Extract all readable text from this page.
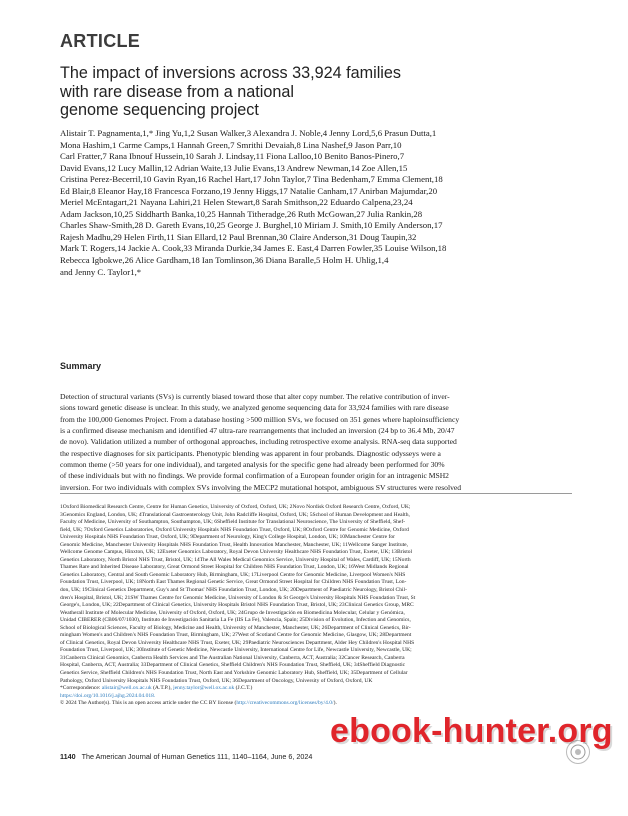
ARTICLE
The impact of inversions across 33,924 families
with rare disease from a national
genome sequencing project
Alistair T. Pagnamenta,1,* Jing Yu,1,2 Susan Walker,3 Alexandra J. Noble,4 Jenny Lord,5,6 Prasun Dutta,1
Mona Hashim,1 Carme Camps,1 Hannah Green,7 Smrithi Devaiah,8 Lina Nashef,9 Jason Parr,10
Carl Fratter,7 Rana Ibnouf Hussein,10 Sarah J. Lindsay,11 Fiona Lalloo,10 Benito Banos-Pinero,7
David Evans,12 Lucy Mallin,12 Adrian Waite,13 Julie Evans,13 Andrew Newman,14 Zoe Allen,15
Cristina Perez-Becerril,10 Gavin Ryan,16 Rachel Hart,17 John Taylor,7 Tina Bedenham,7 Emma Clement,18
Ed Blair,8 Eleanor Hay,18 Francesca Forzano,19 Jenny Higgs,17 Natalie Canham,17 Anirban Majumdar,20
Meriel McEntagart,21 Nayana Lahiri,21 Helen Stewart,8 Sarah Smithson,22 Eduardo Calpena,23,24
Adam Jackson,10,25 Siddharth Banka,10,25 Hannah Titheradge,26 Ruth McGowan,27 Julia Rankin,28
Charles Shaw-Smith,28 D. Gareth Evans,10,25 George J. Burghel,10 Miriam J. Smith,10 Emily Anderson,17
Rajesh Madhu,29 Helen Firth,11 Sian Ellard,12 Paul Brennan,30 Claire Anderson,31 Doug Taupin,32
Mark T. Rogers,14 Jackie A. Cook,33 Miranda Durkie,34 James E. East,4 Darren Fowler,35 Louise Wilson,18
Rebecca Igbokwe,26 Alice Gardham,18 Ian Tomlinson,36 Diana Baralle,5 Holm H. Uhlig,1,4
and Jenny C. Taylor1,*
Summary
Detection of structural variants (SVs) is currently biased toward those that alter copy number. The relative contribution of inver-
sions toward genetic disease is unclear. In this study, we analyzed genome sequencing data for 33,924 families with rare disease
from the 100,000 Genomes Project. From a database hosting >500 million SVs, we focused on 351 genes where haploinsufficiency
is a confirmed disease mechanism and identified 47 ultra-rare rearrangements that included an inversion (24 bp to 36.4 Mb, 20/47
de novo). Validation utilized a number of orthogonal approaches, including retrospective exome analysis. RNA-seq data supported
the respective diagnoses for six participants. Phenotypic blending was apparent in four probands. Diagnostic odysseys were a
common theme (>50 years for one individual), and targeted analysis for the specific gene had already been performed for 30%
of these individuals but with no findings. We provide formal confirmation of a European founder origin for an intragenic MSH2
inversion. For two individuals with complex SVs involving the MECP2 mutational hotspot, ambiguous SV structures were resolved
1Oxford Biomedical Research Centre, Centre for Human Genetics, University of Oxford, Oxford, UK; 2Novo Nordisk Oxford Research Centre, Oxford, UK;
3Genomics England, London, UK; 4Translational Gastroenterology Unit, John Radcliffe Hospital, Oxford, UK; 5School of Human Development and Health,
Faculty of Medicine, University of Southampton, Southampton, UK; 6Sheffield Institute for Translational Neuroscience, The University of Sheffield, Shef-
field, UK; 7Oxford Genetics Laboratories, Oxford University Hospitals NHS Foundation Trust, Oxford, UK; 8Oxford Centre for Genomic Medicine, Oxford
University Hospitals NHS Foundation Trust, Oxford, UK; 9Department of Neurology, King's College Hospital, London, UK; 10Manchester Centre for
Genomic Medicine, Manchester University Hospitals NHS Foundation Trust, Health Innovation Manchester, Manchester, UK; 11Wellcome Sanger Institute,
Wellcome Genome Campus, Hinxton, UK; 12Exeter Genomics Laboratory, Royal Devon University Healthcare NHS Foundation Trust, Exeter, UK; 13Bristol
Genetics Laboratory, North Bristol NHS Trust, Bristol, UK; 14The All Wales Medical Genomics Service, University Hospital of Wales, Cardiff, UK; 15North
Thames Rare and Inherited Disease Laboratory, Great Ormond Street Hospital for Children NHS Foundation Trust, London, UK; 16West Midlands Regional
Genetics Laboratory, Central and South Genomic Laboratory Hub, Birmingham, UK; 17Liverpool Centre for Genomic Medicine, Liverpool Women's NHS
Foundation Trust, Liverpool, UK; 18North East Thames Regional Genetic Service, Great Ormond Street Hospital for Children NHS Foundation Trust, Lon-
don, UK; 19Clinical Genetics Department, Guy's and St Thomas' NHS Foundation Trust, London, UK; 20Department of Paediatric Neurology, Bristol Chil-
dren's Hospital, Bristol, UK; 21SW Thames Centre for Genomic Medicine, University of London & St George's University Hospitals NHS Foundation Trust, St
George's, London, UK; 22Department of Clinical Genetics, University Hospitals Bristol NHS Foundation Trust, Bristol, UK; 23Clinical Genetics Group, MRC
Weatherall Institute of Molecular Medicine, University of Oxford, Oxford, UK; 24Grupo de Investigación en Biomedicina Molecular, Celular y Genómica,
Unidad CIBERER (CB06/07/1030), Instituto de Investigación Sanitaria La Fe (IIS La Fe), Valencia, Spain; 25Division of Evolution, Infection and Genomics,
School of Biological Sciences, Faculty of Biology, Medicine and Health, University of Manchester, Manchester, UK; 26Department of Clinical Genetics, Bir-
mingham Women's and Children's NHS Foundation Trust, Birmingham, UK; 27West of Scotland Centre for Genomic Medicine, Glasgow, UK; 28Department
of Clinical Genetics, Royal Devon University Healthcare NHS Trust, Exeter, UK; 29Paediatric Neurosciences Department, Alder Hey Children's Hospital NHS
Foundation Trust, Liverpool, UK; 30Institute of Genetic Medicine, Newcastle University, International Centre for Life, Newcastle University, Newcastle, UK;
31Canberra Clinical Genomics, Canberra Health Services and The Australian National University, Canberra, ACT, Australia; 32Cancer Research, Canberra
Hospital, Canberra, ACT, Australia; 33Department of Clinical Genetics, Sheffield Children's NHS Foundation Trust, Sheffield, UK; 34Sheffield Diagnostic
Genetics Service, Sheffield Children's NHS Foundation Trust, North East and Yorkshire Genomic Laboratory Hub, Sheffield, UK; 35Department of Cellular
Pathology, Oxford University Hospitals NHS Foundation Trust, Oxford, UK; 36Department of Oncology, University of Oxford, Oxford, UK
*Correspondence: alistair@well.ox.ac.uk (A.T.P.), jenny.taylor@well.ox.ac.uk (J.C.T.)
https://doi.org/10.1016/j.ajhg.2024.04.018.
© 2024 The Author(s). This is an open access article under the CC BY license (http://creativecommons.org/licenses/by/4.0/).
1140 The American Journal of Human Genetics 111, 1140–1164, June 6, 2024
ebook-hunter.org
